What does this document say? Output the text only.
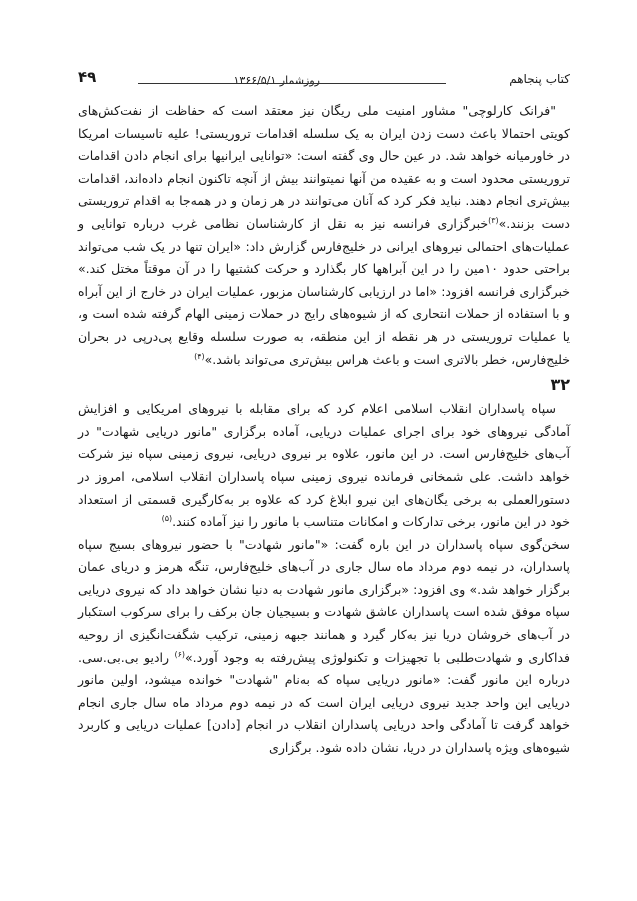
کتاب پنجاهم
روزشمار ۱۳۶۶/۵/۱
۴۹

"فرانک کارلوچی" مشاور امنیت ملی ریگان نیز معتقد است که حفاظت از نفت‌کش‌های کویتی احتمالا باعث دست زدن ایران به یک سلسله اقدامات تروریستی! علیه تاسیسات امریکا در خاورمیانه خواهد شد. در عین حال وی گفته است: «توانایی ایرانیها برای انجام دادن اقدامات تروریستی محدود است و به عقیده من آنها نمیتوانند بیش از آنچه تاکنون انجام داده‌اند، اقدامات بیش‌تری انجام دهند. نباید فکر کرد که آنان می‌توانند در هر زمان و در همه‌جا به اقدام تروریستی دست بزنند.»$^{(۳)}$خبرگزاری فرانسه نیز به نقل از کارشناسان نظامی غرب درباره توانایی و عملیات‌های احتمالی نیروهای ایرانی در خلیج‌فارس گزارش داد: «ایران تنها در یک شب می‌تواند براحتی حدود ۱۰مین را در این آبراهها کار بگذارد و حرکت کشتیها را در آن موقتاً مختل کند.» خبرگزاری فرانسه افزود: «اما در ارزیابی کارشناسان مزبور، عملیات ایران در خارج از این آبراه و با استفاده از حملات انتحاری که از شیوه‌های رایج در حملات زمینی الهام گرفته شده است و، یا عملیات تروریستی در هر نقطه از این منطقه، به صورت سلسله وقایع پی‌درپی در بحران خلیج‌فارس، خطر بالاتری است و باعث هراس بیش‌تری می‌تواند باشد.»$^{(۴)}$

۳۲

سپاه پاسداران انقلاب اسلامی اعلام کرد که برای مقابله با نیروهای امریکایی و افزایش آمادگی نیروهای خود برای اجرای عملیات دریایی، آماده برگزاری "مانور دریایی شهادت" در آب‌های خلیج‌فارس است. در این مانور، علاوه بر نیروی دریایی، نیروی زمینی سپاه نیز شرکت خواهد داشت. علی شمخانی فرمانده نیروی زمینی سپاه پاسداران انقلاب اسلامی، امروز در دستورالعملی به برخی یگان‌های این نیرو ابلاغ کرد که علاوه بر به‌کارگیری قسمتی از استعداد خود در این مانور، برخی تدارکات و امکانات متناسب با مانور را نیز آماده کنند.$^{(۵)}$

سخن‌گوی سپاه پاسداران در این باره گفت: «"مانور شهادت" با حضور نیروهای بسیج سپاه پاسداران، در نیمه دوم مرداد ماه سال جاری در آب‌های خلیج‌فارس، تنگه هرمز و دریای عمان برگزار خواهد شد.» وی افزود: «برگزاری مانور شهادت به دنیا نشان خواهد داد که نیروی دریایی سپاه موفق شده است پاسداران عاشق شهادت و بسیجیان جان برکف را برای سرکوب استکبار در آب‌های خروشان دریا نیز به‌کار گیرد و همانند جبهه زمینی، ترکیب شگفت‌انگیزی از روحیه فداکاری و شهادت‌طلبی با تجهیزات و تکنولوژی پیش‌رفته به وجود آورد.»$^{(۶)}$ رادیو بی.بی.سی. درباره این مانور گفت: «مانور دریایی سپاه که به‌نام "شهادت" خوانده میشود، اولین مانور دریایی این واحد جدید نیروی دریایی ایران است که در نیمه دوم مرداد ماه سال جاری انجام خواهد گرفت تا آمادگی واحد دریایی پاسداران انقلاب در انجام [دادن] عملیات دریایی و کاربرد شیوه‌های ویژه پاسداران در دریا، نشان داده شود. برگزاری
